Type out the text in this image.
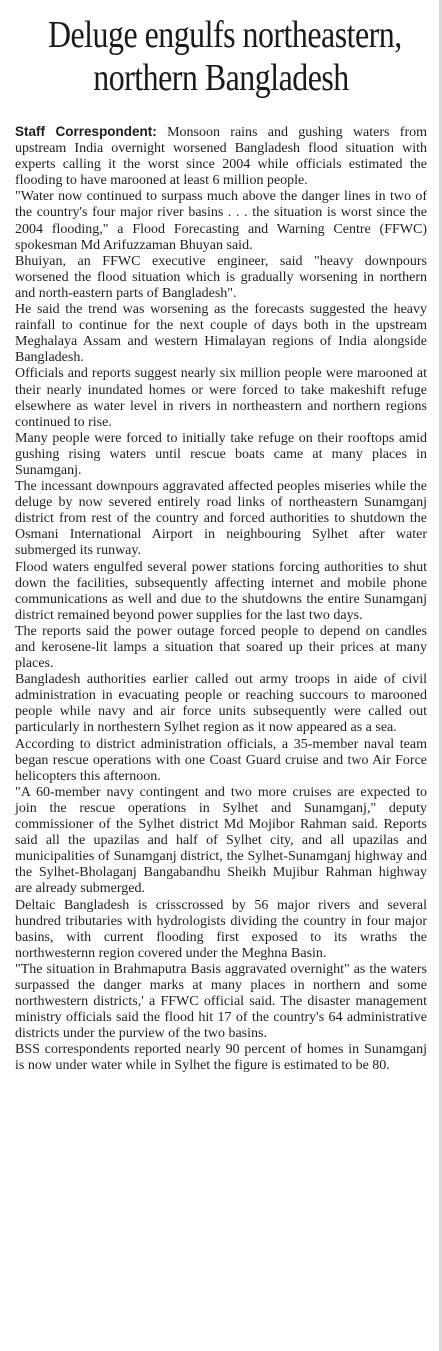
Deluge engulfs northeastern,
northern Bangladesh

Staff Correspondent: Monsoon rains and gushing waters from upstream India overnight worsened Bangladesh flood situation with experts calling it the worst since 2004 while officials estimated the flooding to have marooned at least 6 million people.

"Water now continued to surpass much above the danger lines in two of the country's four major river basins . . . the situation is worst since the 2004 flooding," a Flood Forecasting and Warning Centre (FFWC) spokesman Md Arifuzzaman Bhuyan said.

Bhuiyan, an FFWC executive engineer, said "heavy downpours worsened the flood situation which is gradually worsening in northern and north-eastern parts of Bangladesh".

He said the trend was worsening as the forecasts suggested the heavy rainfall to continue for the next couple of days both in the upstream Meghalaya Assam and western Himalayan regions of India alongside Bangladesh.

Officials and reports suggest nearly six million people were marooned at their nearly inundated homes or were forced to take makeshift refuge elsewhere as water level in rivers in northeastern and northern regions continued to rise.

Many people were forced to initially take refuge on their rooftops amid gushing rising waters until rescue boats came at many places in Sunamganj.

The incessant downpours aggravated affected peoples miseries while the deluge by now severed entirely road links of northeastern Sunamganj district from rest of the country and forced authorities to shutdown the Osmani International Airport in neighbouring Sylhet after water submerged its runway.

Flood waters engulfed several power stations forcing authorities to shut down the facilities, subsequently affecting internet and mobile phone communications as well and due to the shutdowns the entire Sunamganj district remained beyond power supplies for the last two days.

The reports said the power outage forced people to depend on candles and kerosene-lit lamps a situation that soared up their prices at many places.

Bangladesh authorities earlier called out army troops in aide of civil administration in evacuating people or reaching succours to marooned people while navy and air force units subsequently were called out particularly in northestern Sylhet region as it now appeared as a sea.

According to district administration officials, a 35-member naval team began rescue operations with one Coast Guard cruise and two Air Force helicopters this afternoon.

"A 60-member navy contingent and two more cruises are expected to join the rescue operations in Sylhet and Sunamganj," deputy commissioner of the Sylhet district Md Mojibor Rahman said. Reports said all the upazilas and half of Sylhet city, and all upazilas and municipalities of Sunamganj district, the Sylhet-Sunamganj highway and the Sylhet-Bholaganj Bangabandhu Sheikh Mujibur Rahman highway are already submerged.

Deltaic Bangladesh is crisscrossed by 56 major rivers and several hundred tributaries with hydrologists dividing the country in four major basins, with current flooding first exposed to its wraths the northwesternn region covered under the Meghna Basin.

"The situation in Brahmaputra Basis aggravated overnight" as the waters surpassed the danger marks at many places in northern and some northwestern districts,' a FFWC official said. The disaster management ministry officials said the flood hit 17 of the country's 64 administrative districts under the purview of the two basins.

BSS correspondents reported nearly 90 percent of homes in Sunamganj is now under water while in Sylhet the figure is estimated to be 80.
